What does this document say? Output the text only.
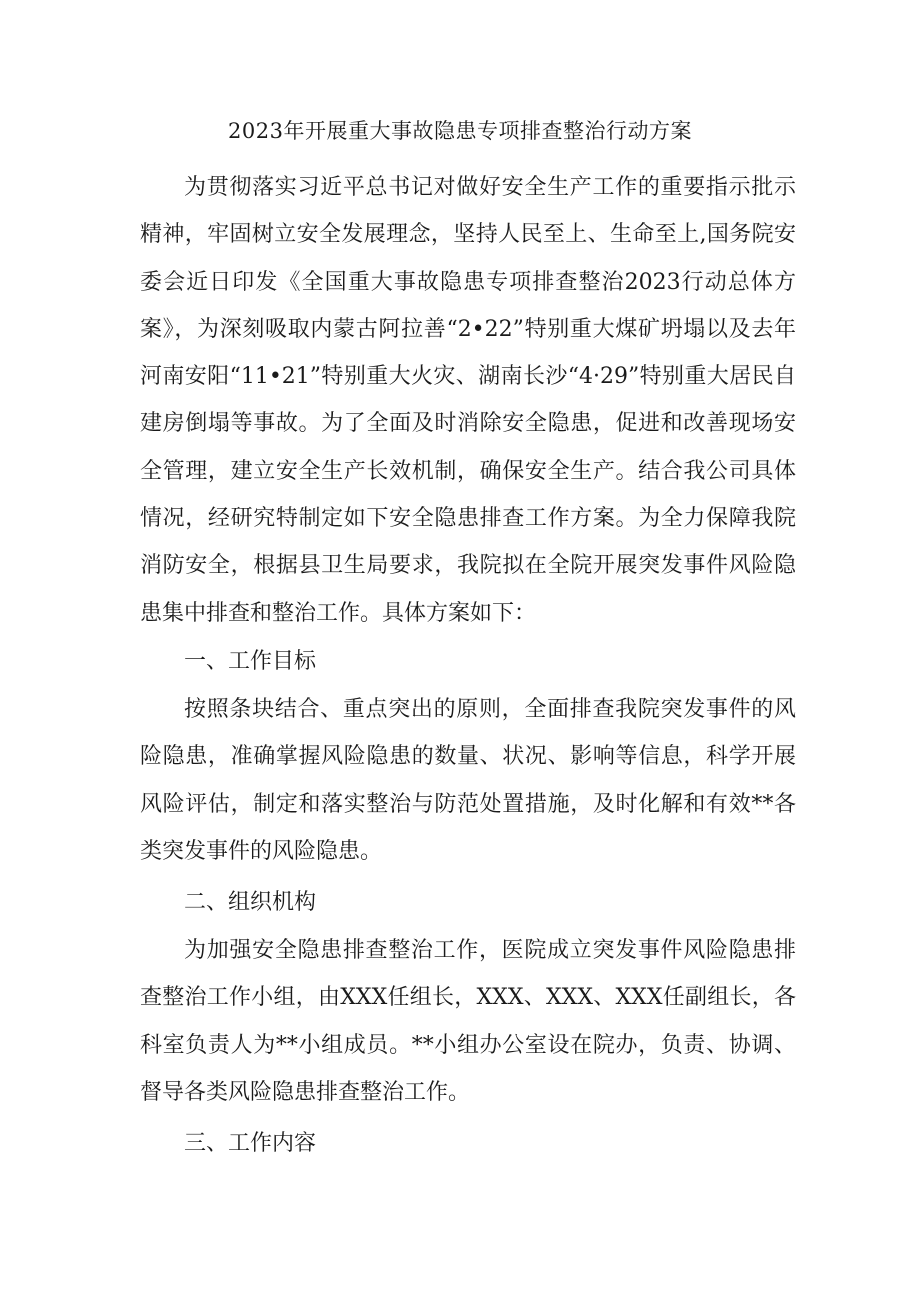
2023年开展重大事故隐患专项排查整治行动方案

为贯彻落实习近平总书记对做好安全生产工作的重要指示批示精神，牢固树立安全发展理念，坚持人民至上、生命至上,国务院安委会近日印发《全国重大事故隐患专项排查整治2023行动总体方案》，为深刻吸取内蒙古阿拉善“2•22”特别重大煤矿坍塌以及去年河南安阳“11•21”特别重大火灾、湖南长沙“4·29”特别重大居民自建房倒塌等事故。为了全面及时消除安全隐患，促进和改善现场安全管理，建立安全生产长效机制，确保安全生产。结合我公司具体情况，经研究特制定如下安全隐患排查工作方案。为全力保障我院消防安全，根据县卫生局要求，我院拟在全院开展突发事件风险隐患集中排查和整治工作。具体方案如下：

一、工作目标

按照条块结合、重点突出的原则，全面排查我院突发事件的风险隐患，准确掌握风险隐患的数量、状况、影响等信息，科学开展风险评估，制定和落实整治与防范处置措施，及时化解和有效**各类突发事件的风险隐患。

二、组织机构

为加强安全隐患排查整治工作，医院成立突发事件风险隐患排查整治工作小组，由XXX任组长，XXX、XXX、XXX任副组长，各科室负责人为**小组成员。**小组办公室设在院办，负责、协调、督导各类风险隐患排查整治工作。

三、工作内容
